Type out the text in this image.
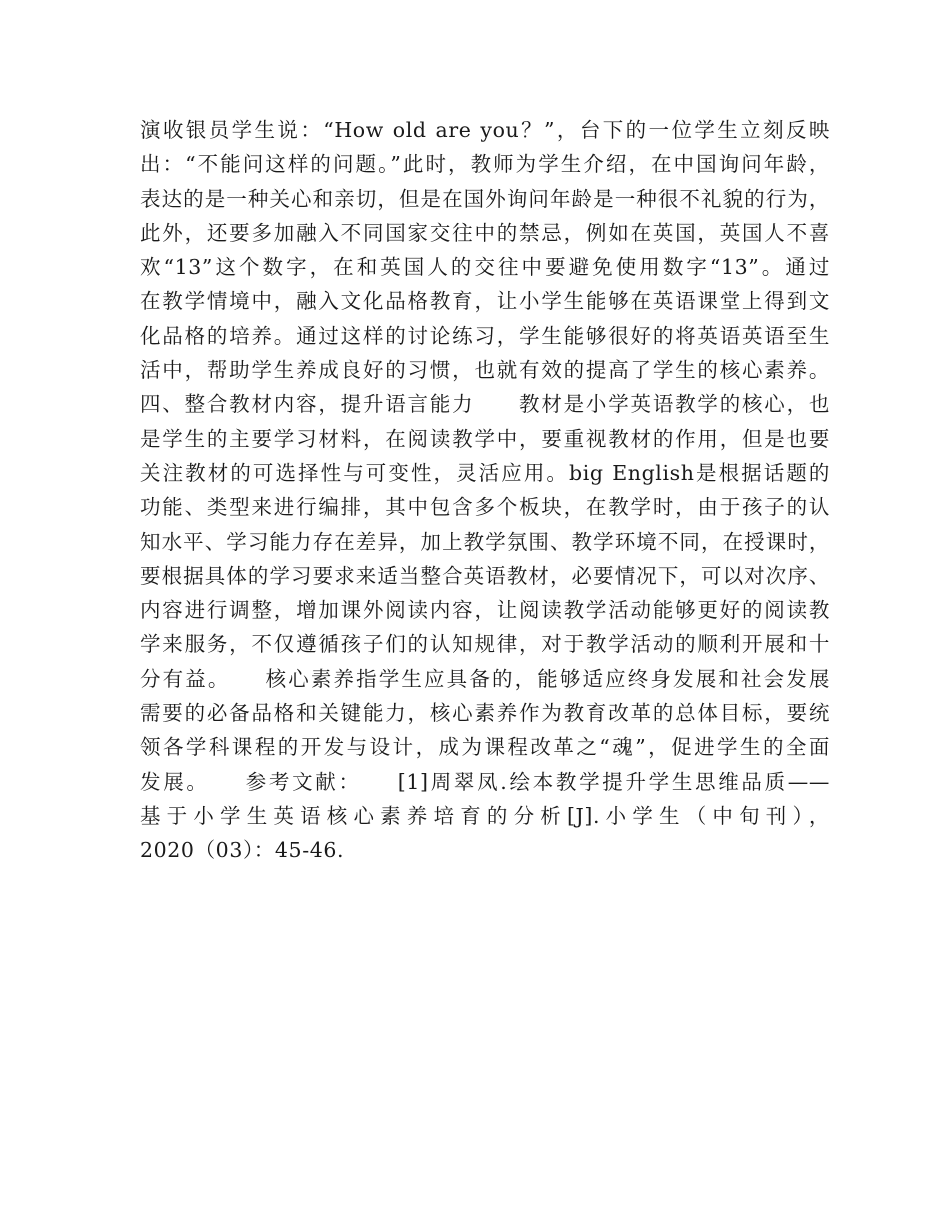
演收银员学生说：“How old are you？”，台下的一位学生立刻反映
出：“不能问这样的问题。”此时，教师为学生介绍，在中国询问年龄，
表达的是一种关心和亲切，但是在国外询问年龄是一种很不礼貌的行为，
此外，还要多加融入不同国家交往中的禁忌，例如在英国，英国人不喜
欢“13”这个数字，在和英国人的交往中要避免使用数字“13”。通过
在教学情境中，融入文化品格教育，让小学生能够在英语课堂上得到文
化品格的培养。通过这样的讨论练习，学生能够很好的将英语英语至生
活中，帮助学生养成良好的习惯，也就有效的提高了学生的核心素养。
四、整合教材内容，提升语言能力　　教材是小学英语教学的核心，也
是学生的主要学习材料，在阅读教学中，要重视教材的作用，但是也要
关注教材的可选择性与可变性，灵活应用。big English是根据话题的
功能、类型来进行编排，其中包含多个板块，在教学时，由于孩子的认
知水平、学习能力存在差异，加上教学氛围、教学环境不同，在授课时，
要根据具体的学习要求来适当整合英语教材，必要情况下，可以对次序、
内容进行调整，增加课外阅读内容，让阅读教学活动能够更好的阅读教
学来服务，不仅遵循孩子们的认知规律，对于教学活动的顺利开展和十
分有益。　　核心素养指学生应具备的，能够适应终身发展和社会发展
需要的必备品格和关键能力，核心素养作为教育改革的总体目标，要统
领各学科课程的开发与设计，成为课程改革之“魂”，促进学生的全面
发展。　　参考文献：　　[1]周翠凤.绘本教学提升学生思维品质——
基于小学生英语核心素养培育的分析[J].小学生（中旬刊），
2020（03）：45-46.
